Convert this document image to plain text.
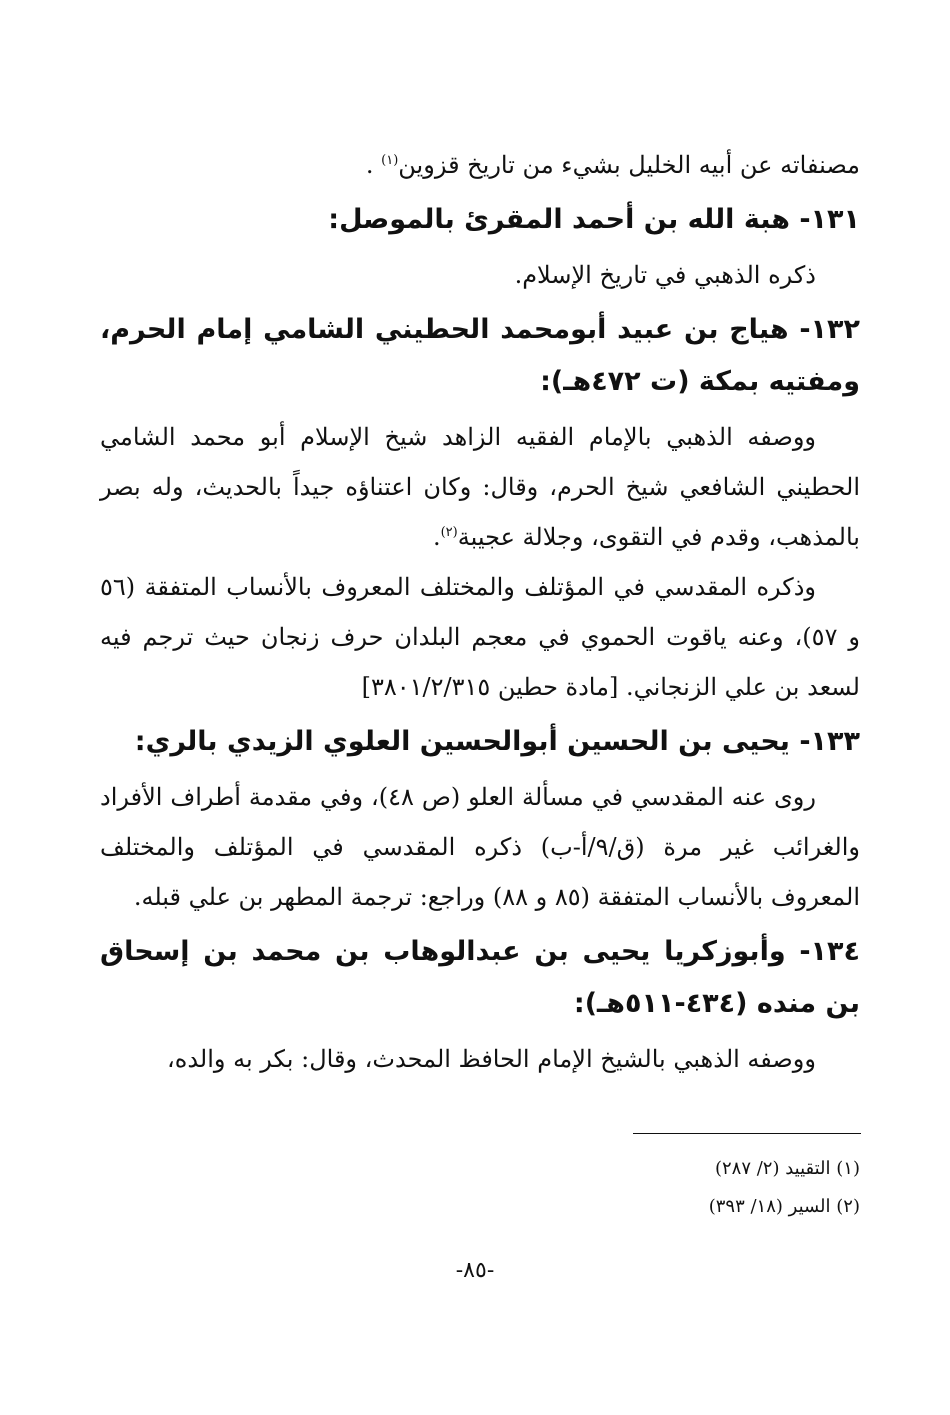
مصنفاته عن أبيه الخليل بشيء من تاريخ قزوين$^{(١)}$ .

١٣١- هبة الله بن أحمد المقرئ بالموصل:

ذكره الذهبي في تاريخ الإسلام.

١٣٢- هياج بن عبيد أبومحمد الحطيني الشامي إمام الحرم، ومفتيه بمكة (ت ٤٧٢هـ):

ووصفه الذهبي بالإمام الفقيه الزاهد شيخ الإسلام أبو محمد الشامي الحطيني الشافعي شيخ الحرم، وقال: وكان اعتناؤه جيداً بالحديث، وله بصر بالمذهب، وقدم في التقوى، وجلالة عجيبة$^{(٢)}$.

وذكره المقدسي في المؤتلف والمختلف المعروف بالأنساب المتفقة (٥٦ و ٥٧)، وعنه ياقوت الحموي في معجم البلدان حرف زنجان حيث ترجم فيه لسعد بن علي الزنجاني. [مادة حطين ٣٨٠١/٢/٣١٥]

١٣٣- يحيى بن الحسين أبوالحسين العلوي الزيدي بالري:

روى عنه المقدسي في مسألة العلو (ص ٤٨)، وفي مقدمة أطراف الأفراد والغرائب غير مرة (ق/٩/أ-ب) ذكره المقدسي في المؤتلف والمختلف المعروف بالأنساب المتفقة (٨٥ و ٨٨) وراجع: ترجمة المطهر بن علي قبله.

١٣٤- وأبوزكريا يحيى بن عبدالوهاب بن محمد بن إسحاق بن منده (٤٣٤-٥١١هـ):

ووصفه الذهبي بالشيخ الإمام الحافظ المحدث، وقال: بكر به والده،

(١) التقييد (٢/ ٢٨٧)
(٢) السير (١٨/ ٣٩٣)
-٨٥-
